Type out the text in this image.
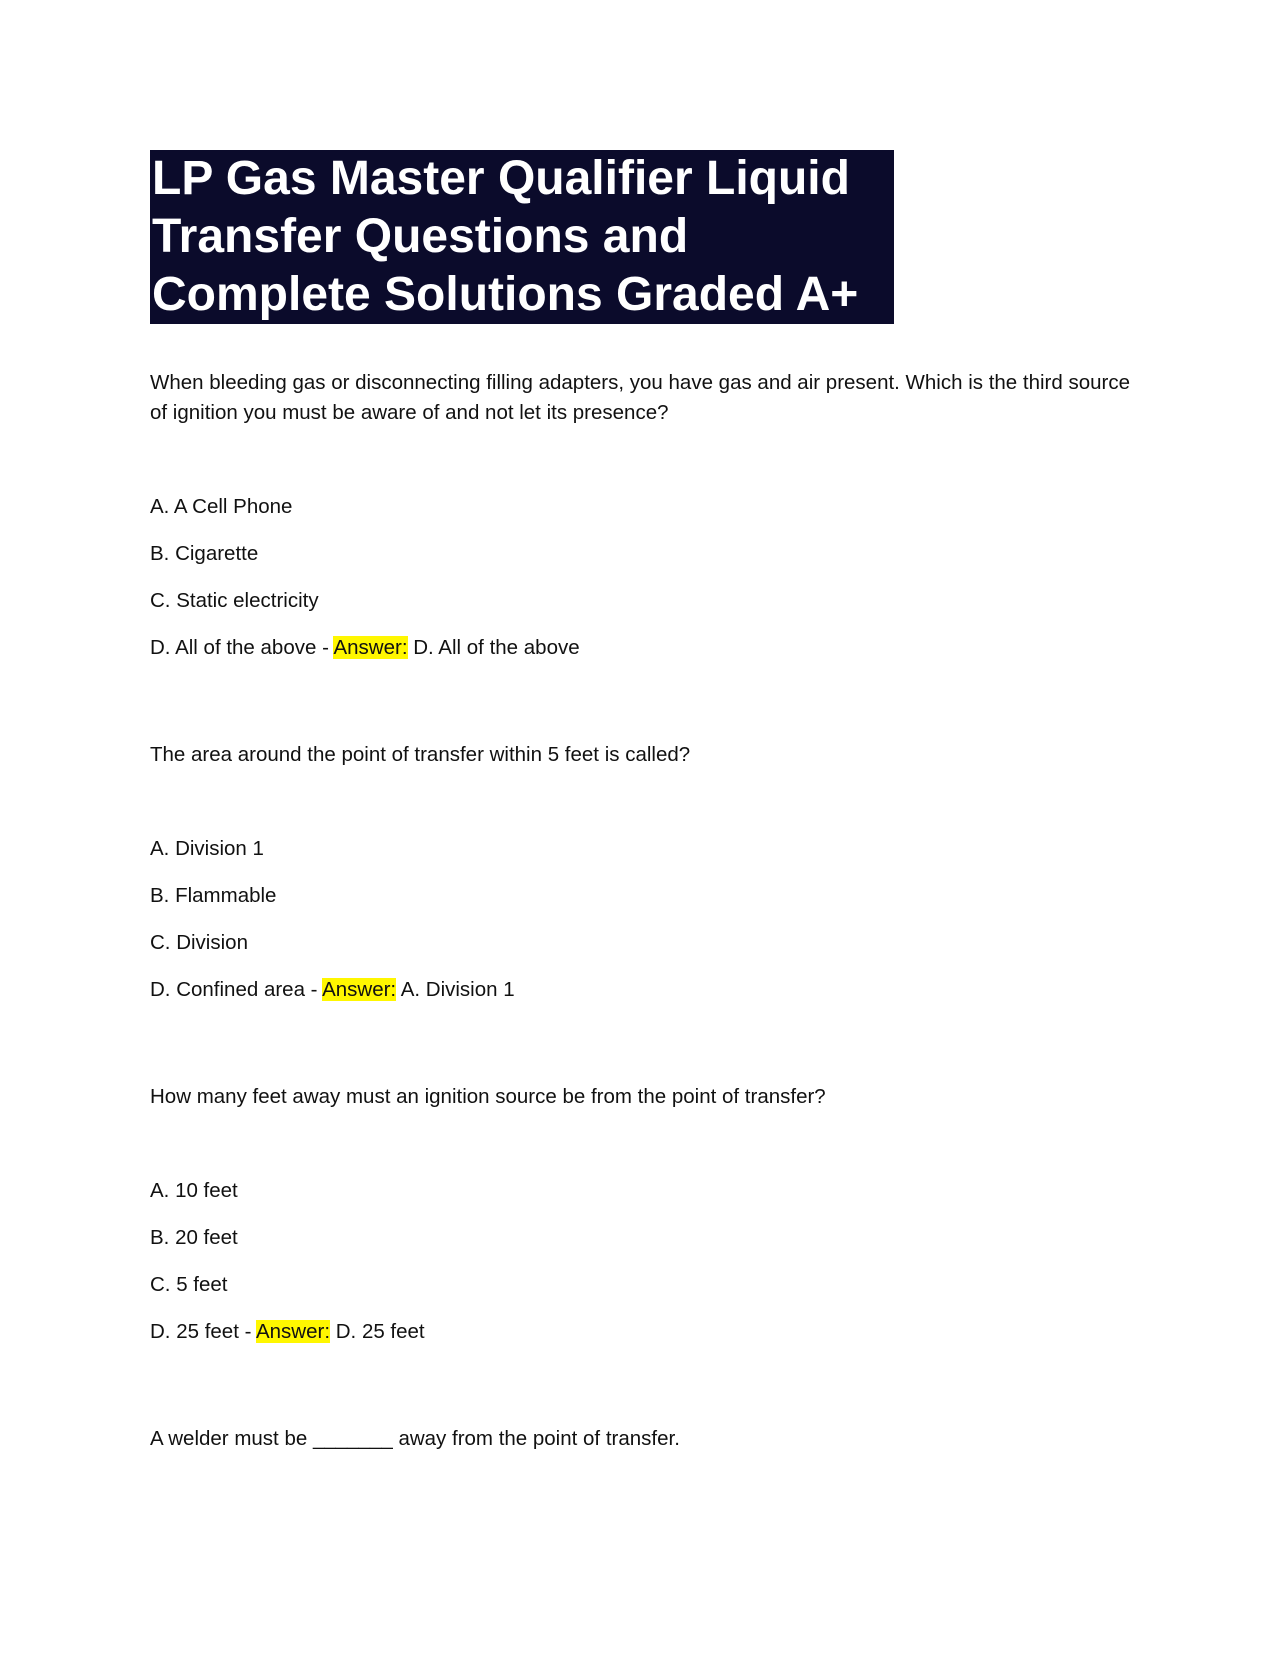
LP Gas Master Qualifier Liquid
Transfer Questions and
Complete Solutions Graded A+

When bleeding gas or disconnecting filling adapters, you have gas and air present. Which is the third source of ignition you must be aware of and not let its presence?

A. A Cell Phone

B. Cigarette

C. Static electricity

D. All of the above - Answer: D. All of the above

The area around the point of transfer within 5 feet is called?

A. Division 1

B. Flammable

C. Division

D. Confined area - Answer: A. Division 1

How many feet away must an ignition source be from the point of transfer?

A. 10 feet

B. 20 feet

C. 5 feet

D. 25 feet - Answer: D. 25 feet

A welder must be _______ away from the point of transfer.
